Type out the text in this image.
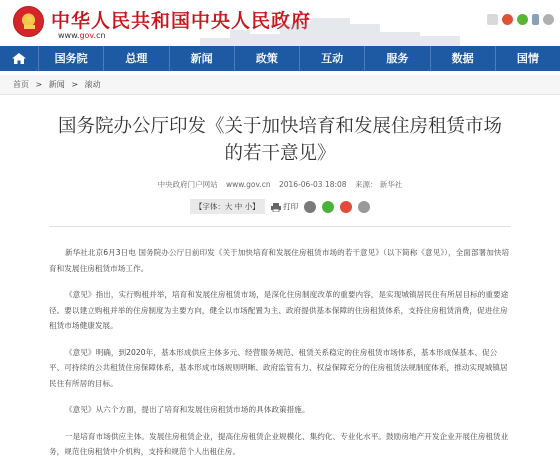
中华人民共和国中央人民政府
www.gov.cn
国务院	总理	新闻	政策	互动	服务	数据	国情
首页 > 新闻 > 滚动
国务院办公厅印发《关于加快培育和发展住房租赁市场的若干意见》
中央政府门户网站 www.gov.cn 2016-06-03 18:08 来源： 新华社
【字体：大 中 小】	打印

新华社北京6月3日电 国务院办公厅日前印发《关于加快培育和发展住房租赁市场的若干意见》（以下简称《意见》），全面部署加快培育和发展住房租赁市场工作。

《意见》指出，实行购租并举，培育和发展住房租赁市场，是深化住房制度改革的重要内容，是实现城镇居民住有所居目标的重要途径。要以建立购租并举的住房制度为主要方向，健全以市场配置为主、政府提供基本保障的住房租赁体系，支持住房租赁消费，促进住房租赁市场健康发展。

《意见》明确，到2020年，基本形成供应主体多元、经营服务规范、租赁关系稳定的住房租赁市场体系，基本形成保基本、促公平、可持续的公共租赁住房保障体系，基本形成市场规则明晰、政府监管有力、权益保障充分的住房租赁法规制度体系，推动实现城镇居民住有所居的目标。

《意见》从六个方面，提出了培育和发展住房租赁市场的具体政策措施。

一是培育市场供应主体。发展住房租赁企业，提高住房租赁企业规模化、集约化、专业化水平。鼓励房地产开发企业开展住房租赁业务，规范住房租赁中介机构，支持和规范个人出租住房。
